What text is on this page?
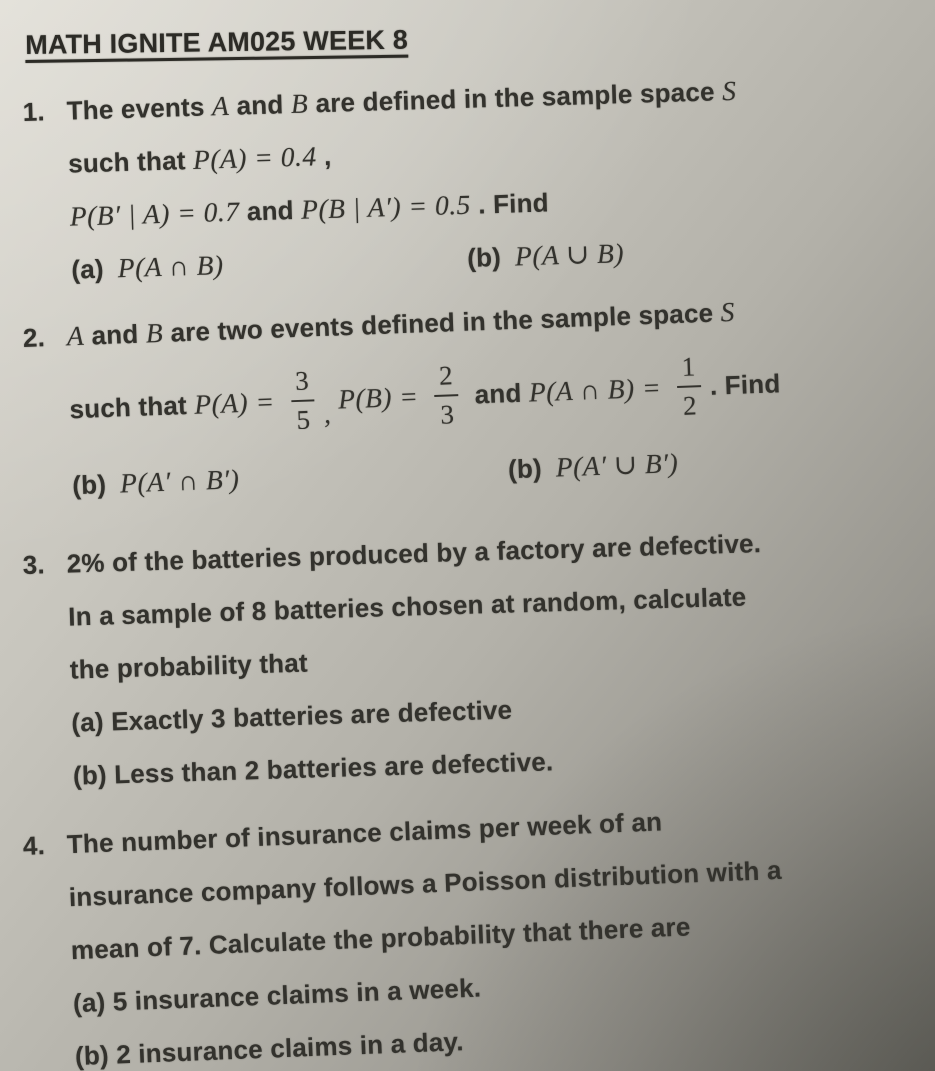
MATH IGNITE AM025 WEEK 8
1. The events A and B are defined in the sample space S
such that P(A) = 0.4 ,
P(B′ | A) = 0.7 and P(B | A′) = 0.5 . Find
(a) P(A ∩ B)	(b) P(A ∪ B)
2. A and B are two events defined in the sample space S
such that
$P(A) = \frac{3}{5}$ ,
$P(B) = \frac{2}{3}$ and
P(A ∩ $B) = \frac{1}{2}$ . Find
(b) P(A′ ∩ B′)	(b) P(A′ ∪ B′)
3. 2% of the batteries produced by a factory are defective.
In a sample of 8 batteries chosen at random, calculate
the probability that
(a) Exactly 3 batteries are defective
(b) Less than 2 batteries are defective.
4. The number of insurance claims per week of an
insurance company follows a Poisson distribution with a
mean of 7. Calculate the probability that there are
(a) 5 insurance claims in a week.
(b) 2 insurance claims in a day.
